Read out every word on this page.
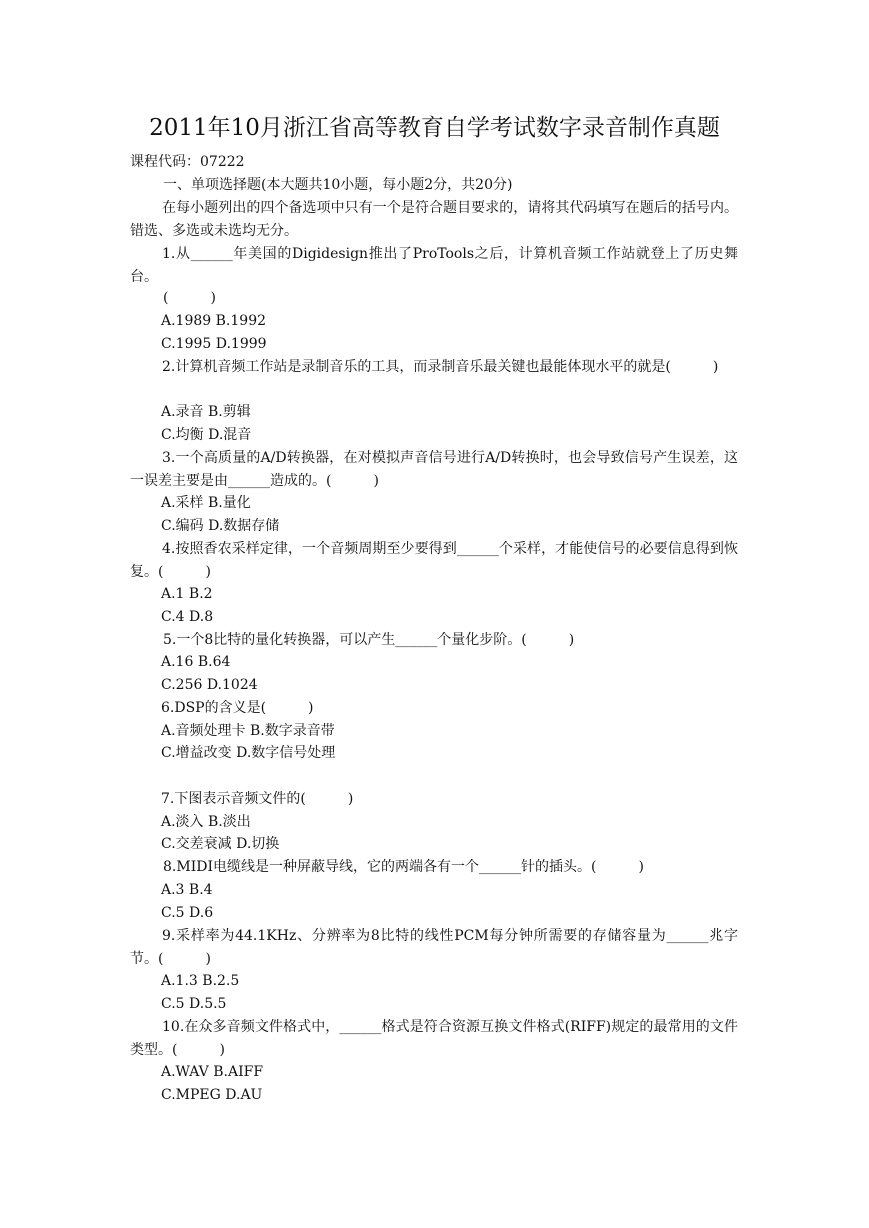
2011年10月浙江省高等教育自学考试数字录音制作真题
课程代码：07222
一、单项选择题(本大题共10小题，每小题2分，共20分)
在每小题列出的四个备选项中只有一个是符合题目要求的，请将其代码填写在题后的括号内。错选、多选或未选均无分。
1.从______年美国的Digidesign推出了ProTools之后，计算机音频工作站就登上了历史舞台。
(　　　)
A.1989 B.1992
C.1995 D.1999
2.计算机音频工作站是录制音乐的工具，而录制音乐最关键也最能体现水平的就是(　　　)
A.录音 B.剪辑
C.均衡 D.混音
3.一个高质量的A/D转换器，在对模拟声音信号进行A/D转换时，也会导致信号产生误差，这一误差主要是由______造成的。(　　　)
A.采样 B.量化
C.编码 D.数据存储
4.按照香农采样定律，一个音频周期至少要得到______个采样，才能使信号的必要信息得到恢复。(　　　)
A.1 B.2
C.4 D.8
5.一个8比特的量化转换器，可以产生______个量化步阶。(　　　)
A.16 B.64
C.256 D.1024
6.DSP的含义是(　　　)
A.音频处理卡 B.数字录音带
C.增益改变 D.数字信号处理
7.下图表示音频文件的(　　　)
A.淡入 B.淡出
C.交差衰减 D.切换
8.MIDI电缆线是一种屏蔽导线，它的两端各有一个______针的插头。(　　　)
A.3 B.4
C.5 D.6
9.采样率为44.1KHz、分辨率为8比特的线性PCM每分钟所需要的存储容量为______兆字节。(　　　)
A.1.3 B.2.5
C.5 D.5.5
10.在众多音频文件格式中，______格式是符合资源互换文件格式(RIFF)规定的最常用的文件类型。(　　　)
A.WAV B.AIFF
C.MPEG D.AU
